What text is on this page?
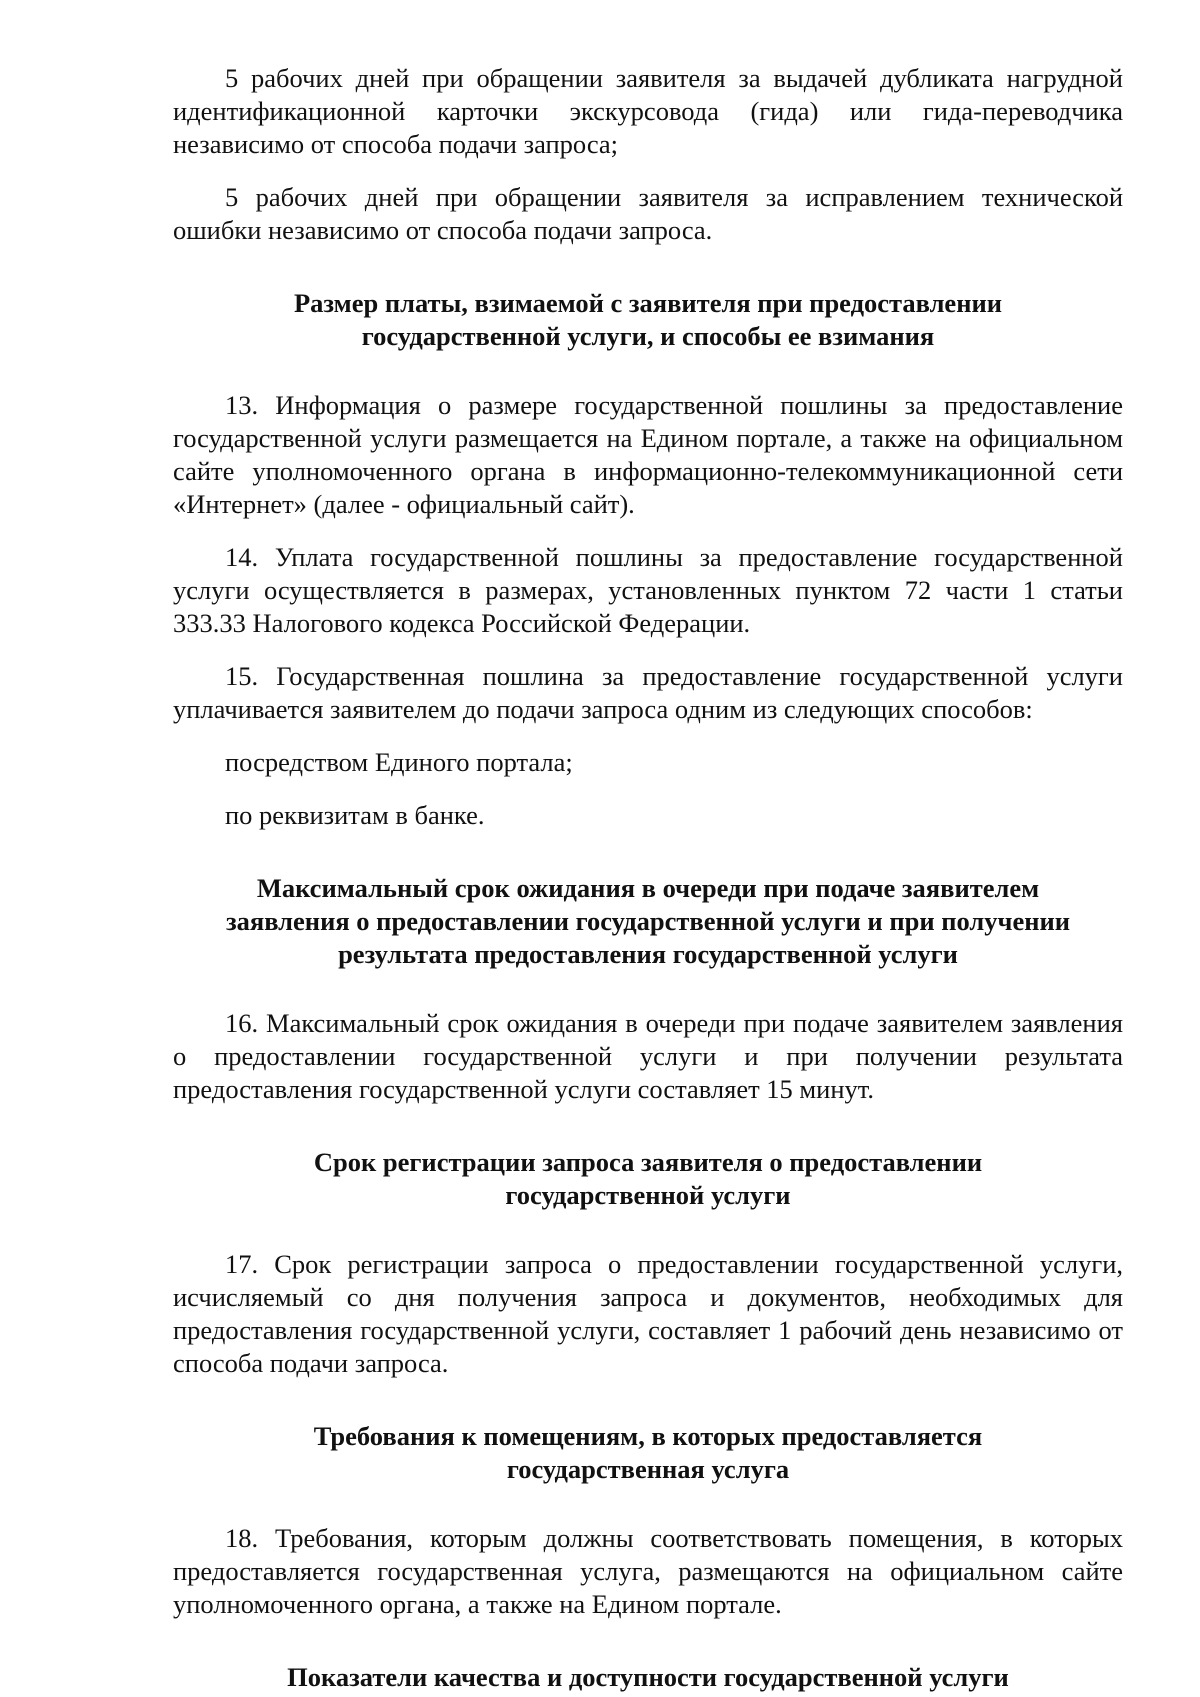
5 рабочих дней при обращении заявителя за выдачей дубликата нагрудной идентификационной карточки экскурсовода (гида) или гида-переводчика независимо от способа подачи запроса;

5 рабочих дней при обращении заявителя за исправлением технической ошибки независимо от способа подачи запроса.

Размер платы, взимаемой с заявителя при предоставлении
государственной услуги, и способы ее взимания

13. Информация о размере государственной пошлины за предоставление государственной услуги размещается на Едином портале, а также на официальном сайте уполномоченного органа в информационно-телекоммуникационной сети «Интернет» (далее - официальный сайт).

14. Уплата государственной пошлины за предоставление государственной услуги осуществляется в размерах, установленных пунктом 72 части 1 статьи 333.33 Налогового кодекса Российской Федерации.

15. Государственная пошлина за предоставление государственной услуги уплачивается заявителем до подачи запроса одним из следующих способов:

посредством Единого портала;

по реквизитам в банке.

Максимальный срок ожидания в очереди при подаче заявителем
заявления о предоставлении государственной услуги и при получении
результата предоставления государственной услуги

16. Максимальный срок ожидания в очереди при подаче заявителем заявления о предоставлении государственной услуги и при получении результата предоставления государственной услуги составляет 15 минут.

Срок регистрации запроса заявителя о предоставлении
государственной услуги

17. Срок регистрации запроса о предоставлении государственной услуги, исчисляемый со дня получения запроса и документов, необходимых для предоставления государственной услуги, составляет 1 рабочий день независимо от способа подачи запроса.

Требования к помещениям, в которых предоставляется
государственная услуга

18. Требования, которым должны соответствовать помещения, в которых предоставляется государственная услуга, размещаются на официальном сайте уполномоченного органа, а также на Едином портале.

Показатели качества и доступности государственной услуги
